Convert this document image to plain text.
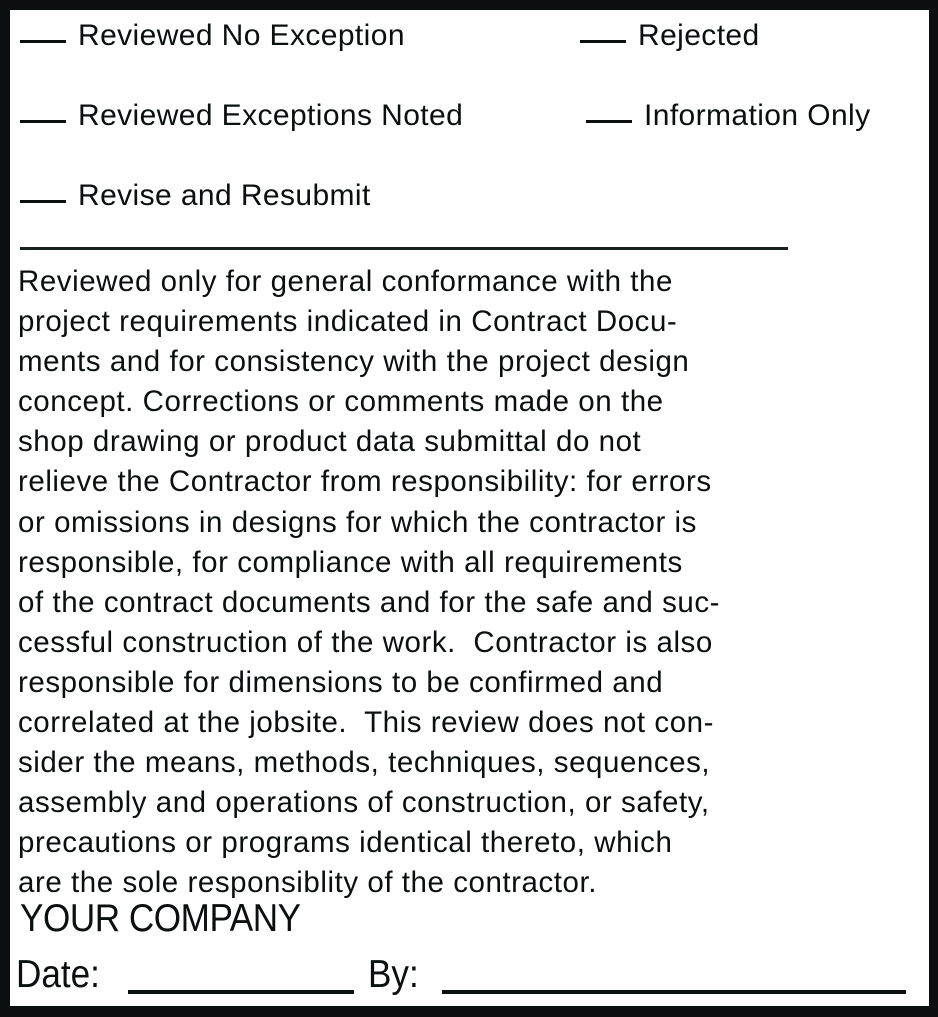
Reviewed No Exception	Rejected
Reviewed Exceptions Noted	Information Only
Revise and Resubmit
Reviewed only for general conformance with the
project requirements indicated in Contract Docu-
ments and for consistency with the project design
concept. Corrections or comments made on the
shop drawing or product data submittal do not
relieve the Contractor from responsibility: for errors
or omissions in designs for which the contractor is
responsible, for compliance with all requirements
of the contract documents and for the safe and suc-
cessful construction of the work.  Contractor is also
responsible for dimensions to be confirmed and
correlated at the jobsite.  This review does not con-
sider the means, methods, techniques, sequences,
assembly and operations of construction, or safety,
precautions or programs identical thereto, which
are the sole responsiblity of the contractor.
YOUR COMPANY
Date:	By:
